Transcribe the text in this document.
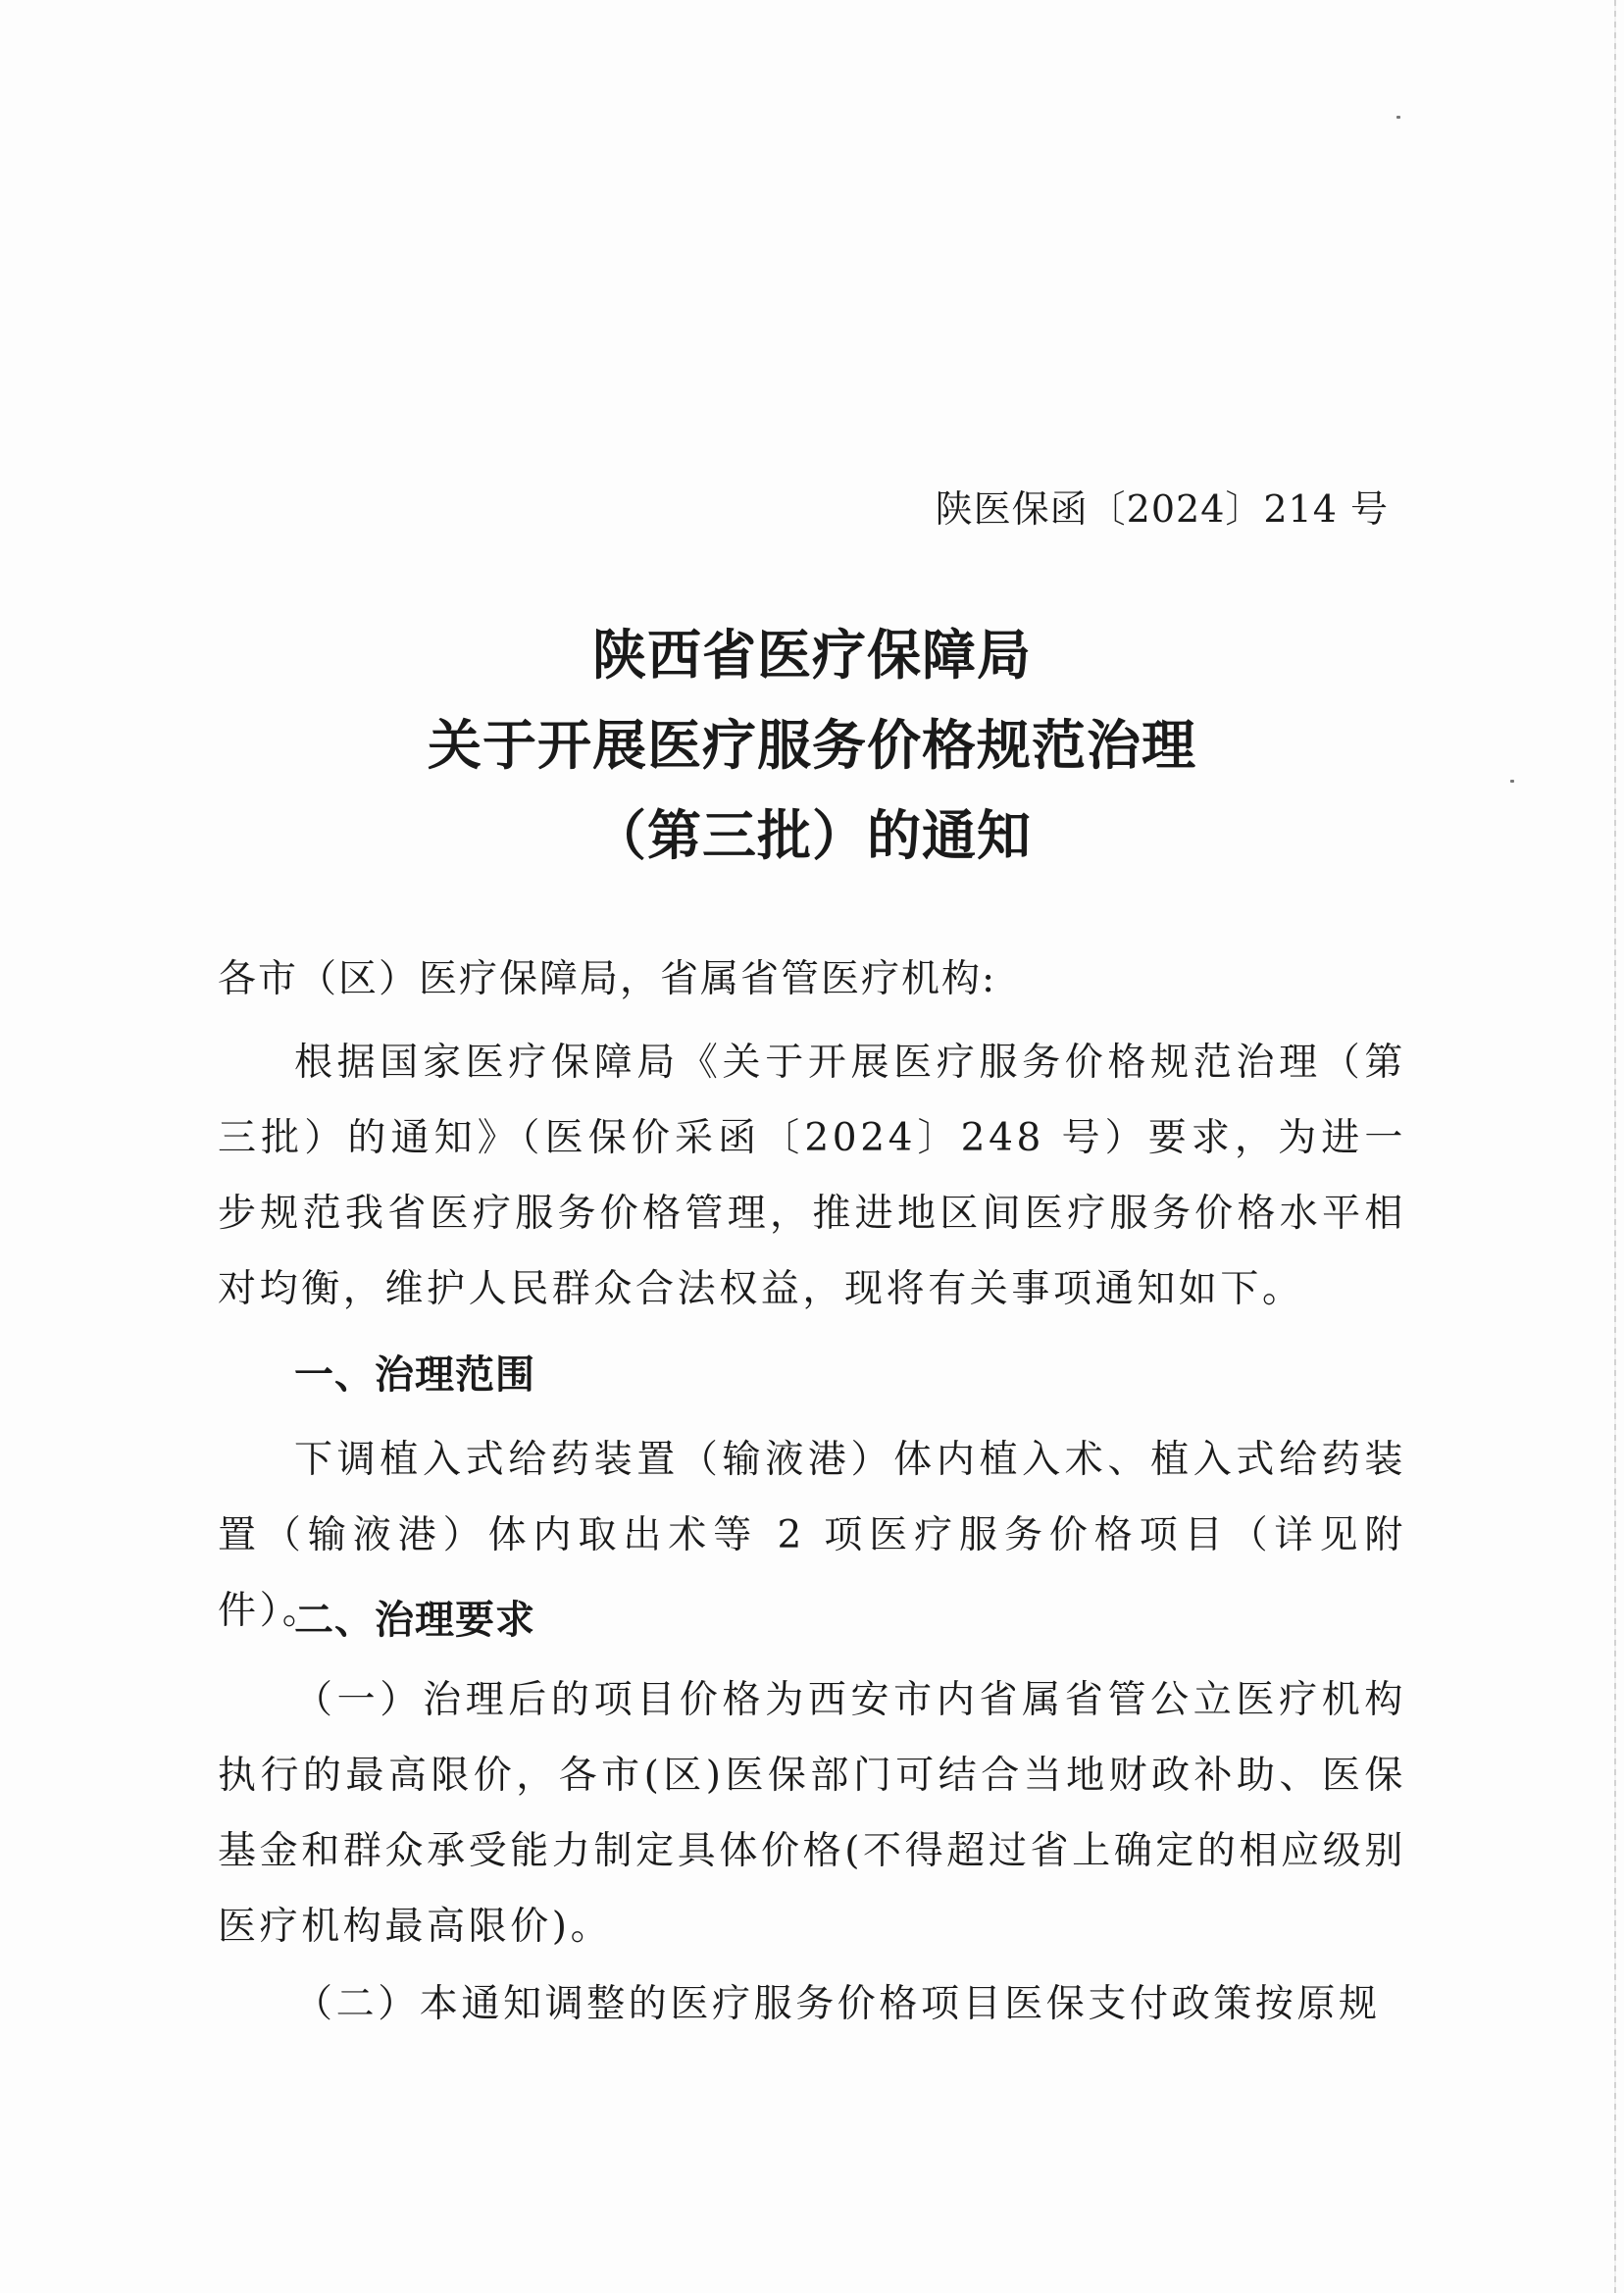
陕医保函〔2024〕214 号
陕西省医疗保障局
关于开展医疗服务价格规范治理
（第三批）的通知
各市（区）医疗保障局，省属省管医疗机构:
根据国家医疗保障局《关于开展医疗服务价格规范治理（第三批）的通知》（医保价采函〔2024〕248 号）要求，为进一步规范我省医疗服务价格管理，推进地区间医疗服务价格水平相对均衡，维护人民群众合法权益，现将有关事项通知如下。
一、治理范围
下调植入式给药装置（输液港）体内植入术、植入式给药装置（输液港）体内取出术等 2 项医疗服务价格项目（详见附件）。
二、治理要求
（一）治理后的项目价格为西安市内省属省管公立医疗机构执行的最高限价，各市(区)医保部门可结合当地财政补助、医保基金和群众承受能力制定具体价格(不得超过省上确定的相应级别医疗机构最高限价)。
（二）本通知调整的医疗服务价格项目医保支付政策按原规
